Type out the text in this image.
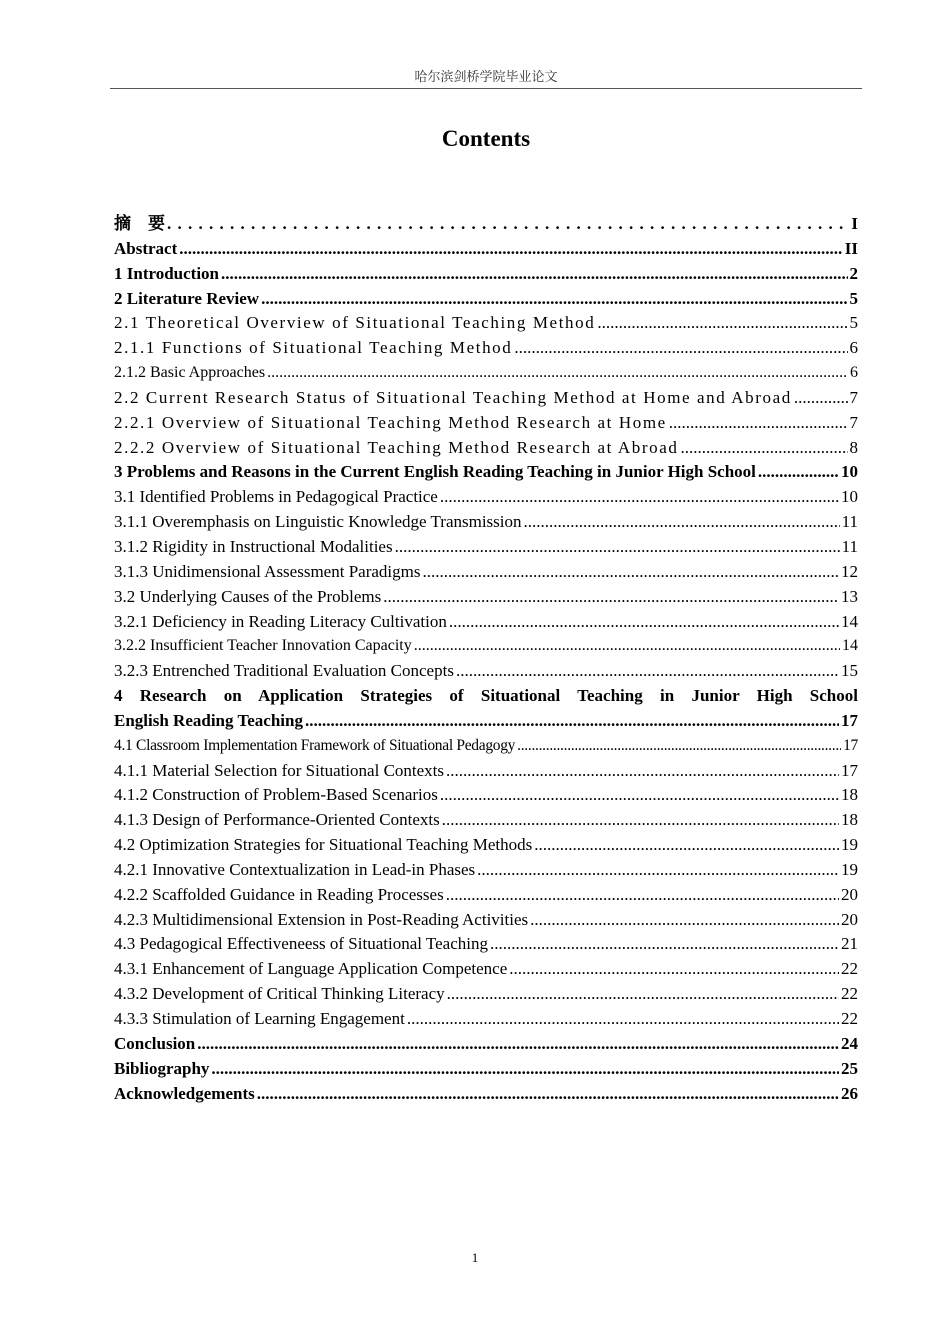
哈尔滨剑桥学院毕业论文
Contents
摘　要 . . .	I
Abstract .....	II
1 Introduction .....	2
2 Literature Review .....	5
2.1 Theoretical Overview of Situational Teaching Method .....	5
2.1.1 Functions of Situational Teaching Method .....	6
2.1.2 Basic Approaches .....	6
2.2 Current Research Status of Situational Teaching Method at Home and Abroad .....	7
2.2.1 Overview of Situational Teaching Method Research at Home .....	7
2.2.2 Overview of Situational Teaching Method Research at Abroad .....	8
3 Problems and Reasons in the Current English Reading Teaching in Junior High School .....	10
3.1 Identified Problems in Pedagogical Practice .....	10
3.1.1 Overemphasis on Linguistic Knowledge Transmission .....	11
3.1.2 Rigidity in Instructional Modalities .....	11
3.1.3 Unidimensional Assessment Paradigms .....	12
3.2 Underlying Causes of the Problems .....	13
3.2.1 Deficiency in Reading Literacy Cultivation .....	14
3.2.2 Insufficient Teacher Innovation Capacity .....	14
3.2.3 Entrenched Traditional Evaluation Concepts .....	15
4 Research on Application Strategies of Situational Teaching in Junior High School
English Reading Teaching .....	17
4.1 Classroom Implementation Framework of Situational Pedagogy .....	17
4.1.1 Material Selection for Situational Contexts .....	17
4.1.2 Construction of Problem-Based Scenarios .....	18
4.1.3 Design of Performance-Oriented Contexts .....	18
4.2 Optimization Strategies for Situational Teaching Methods .....	19
4.2.1 Innovative Contextualization in Lead-in Phases .....	19
4.2.2 Scaffolded Guidance in Reading Processes .....	20
4.2.3 Multidimensional Extension in Post-Reading Activities .....	20
4.3 Pedagogical Effectiveneess of Situational Teaching .....	21
4.3.1 Enhancement of Language Application Competence .....	22
4.3.2 Development of Critical Thinking Literacy .....	22
4.3.3 Stimulation of Learning Engagement .....	22
Conclusion .....	24
Bibliography .....	25
Acknowledgements .....	26
1
